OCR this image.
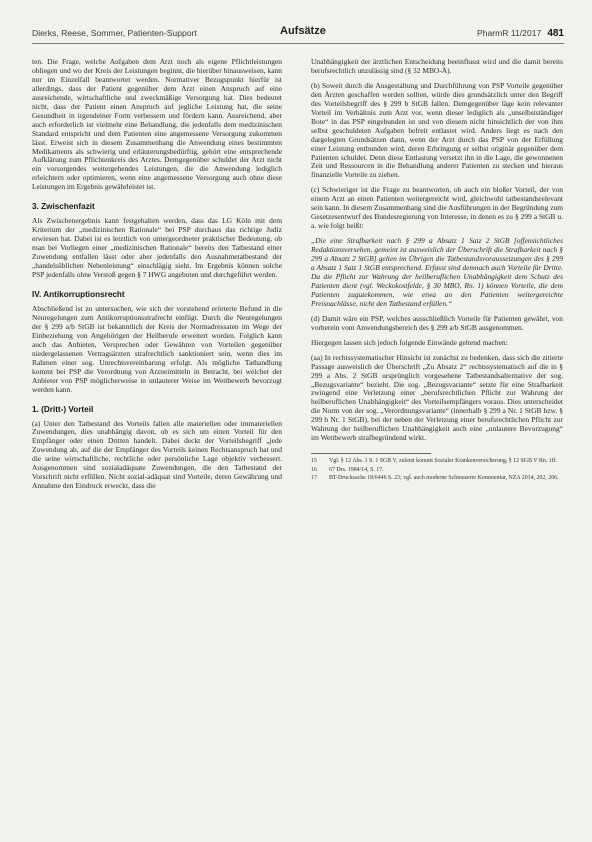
Dierks, Reese, Sommer, Patienten-Support	Aufsätze	PharmR 11/2017 481

ten. Die Frage, welche Aufgaben dem Arzt noch als eigene Pflichtleistungen obliegen und wo der Kreis der Leistungen beginnt, die hierüber hinausweisen, kann nur im Einzelfall beantwortet werden. Normativer Bezugspunkt hierfür ist allerdings, dass der Patient gegenüber dem Arzt einen Anspruch auf eine ausreichende, wirtschaftliche und zweckmäßige Versorgung hat. Dies bedeutet nicht, dass der Patient einen Anspruch auf jegliche Leistung hat, die seine Gesundheit in irgendeiner Form verbessern und fördern kann. Ausreichend, aber auch erforderlich ist vielmehr eine Behandlung, die jedenfalls dem medizinischen Standard entspricht und dem Patienten eine angemessene Versorgung zukommen lässt. Erweist sich in diesem Zusammenhang die Anwendung eines bestimmten Medikaments als schwierig und erläuterungsbedürftig, gehört eine entsprechende Aufklärung zum Pflichtenkreis des Arztes. Demgegenüber schuldet der Arzt nicht ein vorsorgendes weitergehendes Leistungen, die die Anwendung lediglich erleichtern oder optimieren, wenn eine angemessene Versorgung auch ohne diese Leistungen im Ergebnis gewährleistet ist.

3. Zwischenfazit

Als Zwischenergebnis kann festgehalten werden, dass das LG Köln mit dem Kriterium der „medizinischen Rationale“ bei PSP durchaus das richtige Judiz erwiesen hat. Dabei ist es letztlich von untergeordneter praktischer Bedeutung, ob man bei Vorliegen einer „medizinischen Rationale“ bereits den Tatbestand einer Zuwendung entfallen lässt oder aber jedenfalls den Ausnahmetatbestand der „handelsüblichen Nebenleistung“ einschlägig sieht. Im Ergebnis können solche PSP jedenfalls ohne Verstoß gegen § 7 HWG angeboten und durchgeführt werden.

IV. Antikorruptionsrecht

Abschließend ist zu untersuchen, wie sich der vorstehend erörterte Befund in die Neuregelungen zum Antikorruptionsstrafrecht einfügt. Durch die Neuregelungen der § 299 a/b StGB ist bekanntlich der Kreis der Normadressaten im Wege der Einbeziehung von Angehörigen der Heilberufe erweitert worden. Folglich kann auch das Anbieten, Versprechen oder Gewähren von Vorteilen gegenüber niedergelassenen Vertragsärzten strafrechtlich sanktioniert sein, wenn dies im Rahmen einer sog. Unrechtsvereinbarung erfolgt. Als mögliche Tathandlung kommt bei PSP die Verordnung von Arzneimitteln in Betracht, bei welcher der Anbieter von PSP möglicherweise in unlauterer Weise im Wettbewerb bevorzugt werden kann.

1. (Dritt-) Vorteil

(a) Unter den Tatbestand des Vorteils fallen alle materiellen oder immateriellen Zuwendungen, dies unabhängig davon, ob es sich um einen Vorteil für den Empfänger oder einen Dritten handelt. Dabei deckt der Vorteilsbegriff „jede Zuwendung ab, auf die der Empfänger des Vorteils keinen Rechtsanspruch hat und die seine wirtschaftliche, rechtliche oder persönliche Lage objektiv verbessert. Ausgenommen sind sozialadäquate Zuwendungen, die den Tatbestand der Vorschrift nicht erfüllen. Nicht sozial-adäquat sind Vorteile, deren Gewährung und Annahme den Eindruck erweckt, dass die

Unabhängigkeit der ärztlichen Entscheidung beeinflusst wird und die damit bereits berufsrechtlich unzulässig sind (§ 32 MBO-Ä).

(b) Soweit durch die Ausgestaltung und Durchführung von PSP Vorteile gegenüber den Ärzten geschaffen werden sollten, würde dies grundsätzlich unter den Begriff des Vorteilsbegriff des § 299 b StGB fallen. Demgegenüber läge kein relevanter Vorteil im Verhältnis zum Arzt vor, wenn dieser lediglich als „unselbstständiger Bote“ in das PSP eingebunden ist und von diesem nicht hinsichtlich der von ihm selbst geschuldeten Aufgaben befreit entlastet wird. Anders liegt es nach den dargelegten Grundsätzen dann, wenn der Arzt durch das PSP von der Erfüllung einer Leistung entbunden wird, deren Erbringung er selbst originär gegenüber dem Patienten schuldet. Denn diese Entlastung versetzt ihn in die Lage, die gewonnenen Zeit und Ressourcen in die Behandlung anderer Patienten zu stecken und hieraus finanzielle Vorteile zu ziehen.

(c) Schwieriger ist die Frage zu beantworten, ob auch ein bloßer Vorteil, der von einem Arzt an einen Patienten weitergereicht wird, gleichwohl tatbestandsrelevant sein kann. In diesem Zusammenhang sind die Ausführungen in der Begründung zum Gesetzesentwurf des Bundesregierung von Interesse, in denen es zu § 299 a StGB u. a. wie folgt heißt:

„Die eine Strafbarkeit nach § 299 a Absatz 1 Satz 2 StGB [offensichtliches Redaktionsversehen, gemeint ist ausweislich der Überschrift die Strafbarkeit nach § 299 a Absatz 2 StGB] gelten im Übrigen die Tatbestandsvoraussetzungen des § 299 a Absatz 1 Satz 1 StGB entsprechend. Erfasst sind demnach auch Vorteile für Dritte. Da die Pflicht zur Wahrung der heilberuflichen Unabhängigkeit dem Schutz des Patienten dient (vgl. Weckokostfelde, § 30 MBO, Rn. 1) können Vorteile, die dem Patienten zugutekommen, wie etwa an den Patienten weitergereichte Preisnachlässe, nicht den Tatbestand erfüllen.“

(d) Damit wäre ein PSP, welches ausschließlich Vorteile für Patienten gewährt, von vorherein vom Anwendungsbereich des § 299 a/b StGB ausgenommen.

Hiergegen lassen sich jedoch folgende Einwände geltend machen:

(aa) In rechtssystematischer Hinsicht ist zunächst zu bedenken, dass sich die zitierte Passage ausweislich der Überschrift „Zu Absatz 2“ rechtssystematisch auf die in § 299 a Abs. 2 StGB ursprünglich vorgesehene Tatbestandsalternative der sog. „Bezugsvariante“ bezieht. Die sog. „Bezugsvariante“ setzte für eine Strafbarkeit zwingend eine Verletzung einer „berufsrechtlichen Pflicht zur Wahrung der heilberuflichen Unabhängigkeit“ des Vorteilsempfängers voraus. Dies unterscheidet die Norm von der sog. „Verordnungsvariante“ (innerhalb § 299 a Nr. 1 StGB bzw. § 299 b Nr. 1 StGB), bei der neben der Verletzung einer berufsrechtlichen Pflicht zur Wahrung der heilberuflichen Unabhängigkeit auch eine „unlautere Bevorzugung“ im Wettbewerb strafbegründend wirkt.

15	Vgl. § 12 Abs. 1 S. 1 SGB V, zuletzt kommt Sozialer Krankenversicherung, § 12 SGB V Rn. 1ff.
16	67 Drs. 1984/14, S. 17.
17	BT-Drucksache 18/6446 S. 23; vgl. auch moderne Schmuserer Kommentar, NZA 2014, 202, 206.
